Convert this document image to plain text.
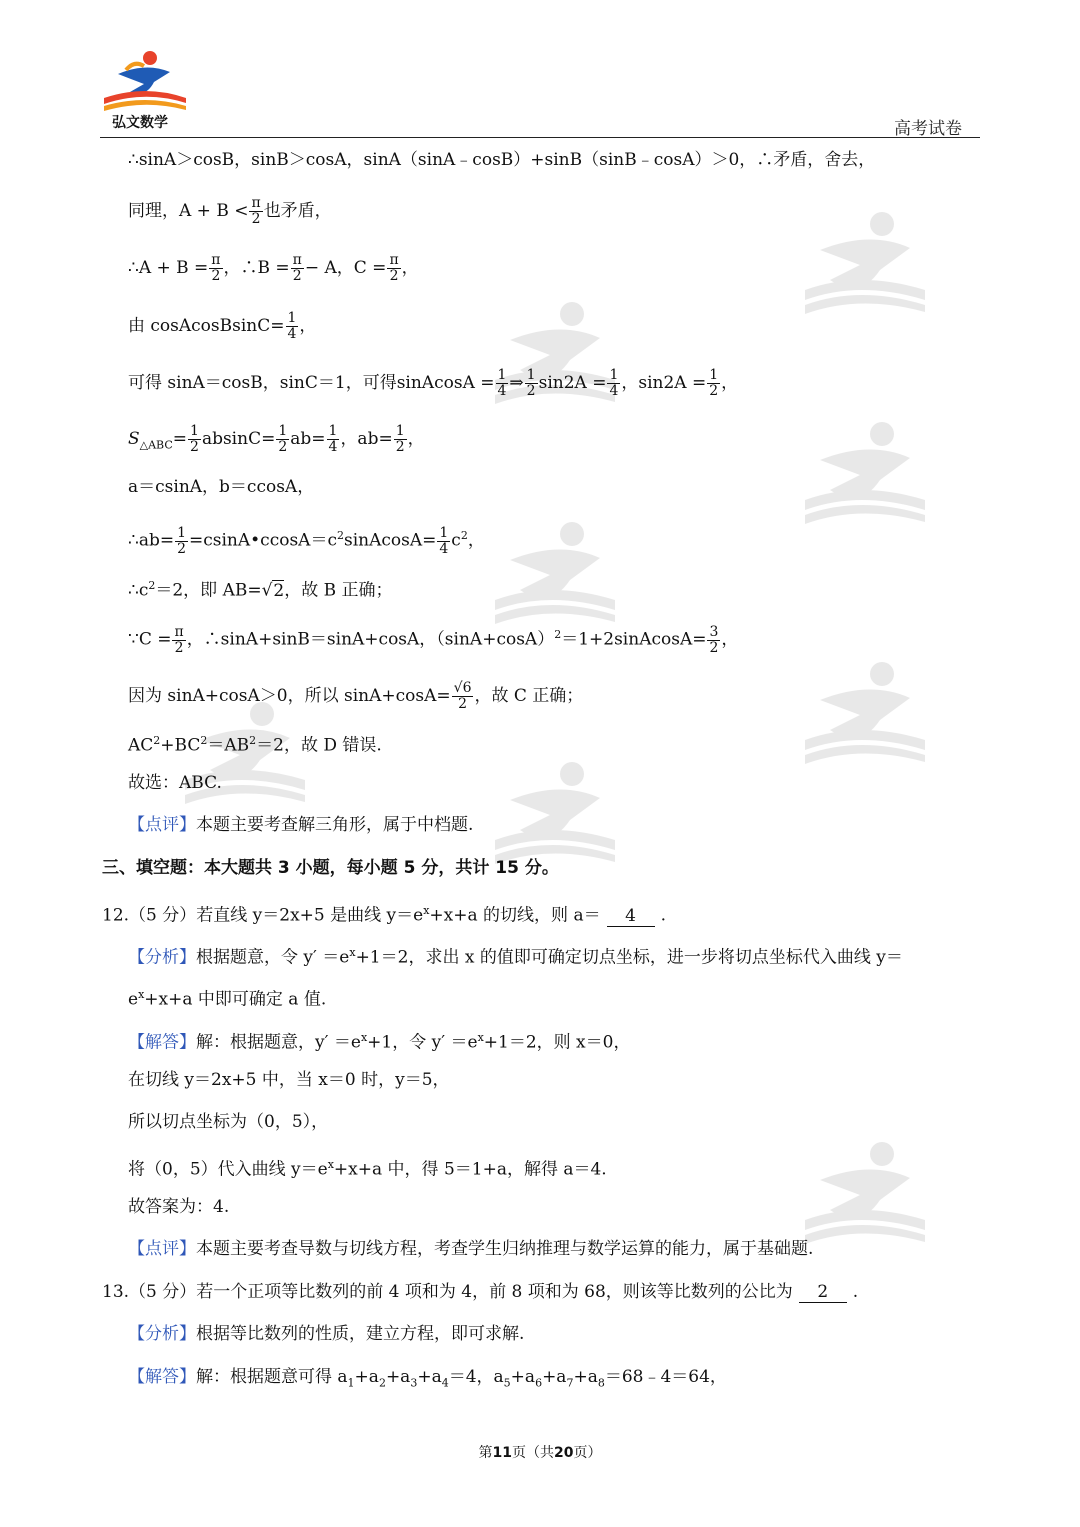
弘文数学	高考试卷
∴sinA＞cosB，sinB＞cosA，sinA（sinA﹣cosB）+sinB（sinB﹣cosA）＞0，∴矛盾，舍去，
同理，$A + B < \frac{\pi}{2}$ 也矛盾，
∴A + $B = \frac{\pi}{2}$ ，∴B = $\frac{\pi}{2} - A$，$C = \frac{\pi}{2}$ ，
由 cosAcosBsinC= $\frac{1}{4}$ ，
可得 sinA＝cosB，sinC＝1，可得sinAcosA = $\frac{1}{4}$ ⇒ $\frac{1}{2} \sin 2A = \frac{1}{4}$ ，$\sin 2A = \frac{1}{2}$ ，
$S_{\triangle ABC}= \frac{1}{2} absinC= \frac{1}{2} ab= \frac{1}{4}$ ，$ab= \frac{1}{2}$ ，
a＝csinA，b＝ccosA，
∴ab= $\frac{1}{2}$ $=csinA•ccosA=c^2sinAcosA= \frac{1}{4} c^2$，
$\therefore c^2=2$，即 AB=√2，故 B 正确；
∵C = $\frac{\pi}{2}$ ，∴sinA+sinB＝sinA+cosA，$(\sin A+\cos A)^2=1+2sinAcosA= \frac{3}{2}$ ，
因为 sinA+cosA＞0，所以 $\sin A+\cos A= \frac{√6}{2}$ ，故 C 正确；
$AC^2+BC^2=AB^2=2$，故 D 错误.
故选：ABC.
【点评】本题主要考查解三角形，属于中档题.
三、填空题：本大题共 3 小题，每小题 5 分，共计 15 分。
12.（5 分）若直线 y＝2x+5 是曲线 $y=e^x+x+a$ 的切线，则 a＝ 4 .
【分析】根据题意，令 $y' =e^x+1=2$，求出 x 的值即可确定切点坐标，进一步将切点坐标代入曲线 y＝
$e^x+x+a$ 中即可确定 a 值.
【解答】解：根据题意，$y' =e^x+1$，令 $y' =e^x+1=2$，则 x＝0，
在切线 y＝2x+5 中，当 x＝0 时，y＝5，
所以切点坐标为（0，5），
将（0，5）代入曲线 $y=e^x+x+a$ 中，得 5＝1+a，解得 a＝4.
故答案为：4.
【点评】本题主要考查导数与切线方程，考查学生归纳推理与数学运算的能力，属于基础题.
13.（5 分）若一个正项等比数列的前 4 项和为 4，前 8 项和为 68，则该等比数列的公比为 2 .
【分析】根据等比数列的性质，建立方程，即可求解.
【解答】解：根据题意可得 $a_1+a_2+a_3+a_4=4$，$a_5+a_6+a_7+a_8=68﹣4=64$，
第11页（共20页）
